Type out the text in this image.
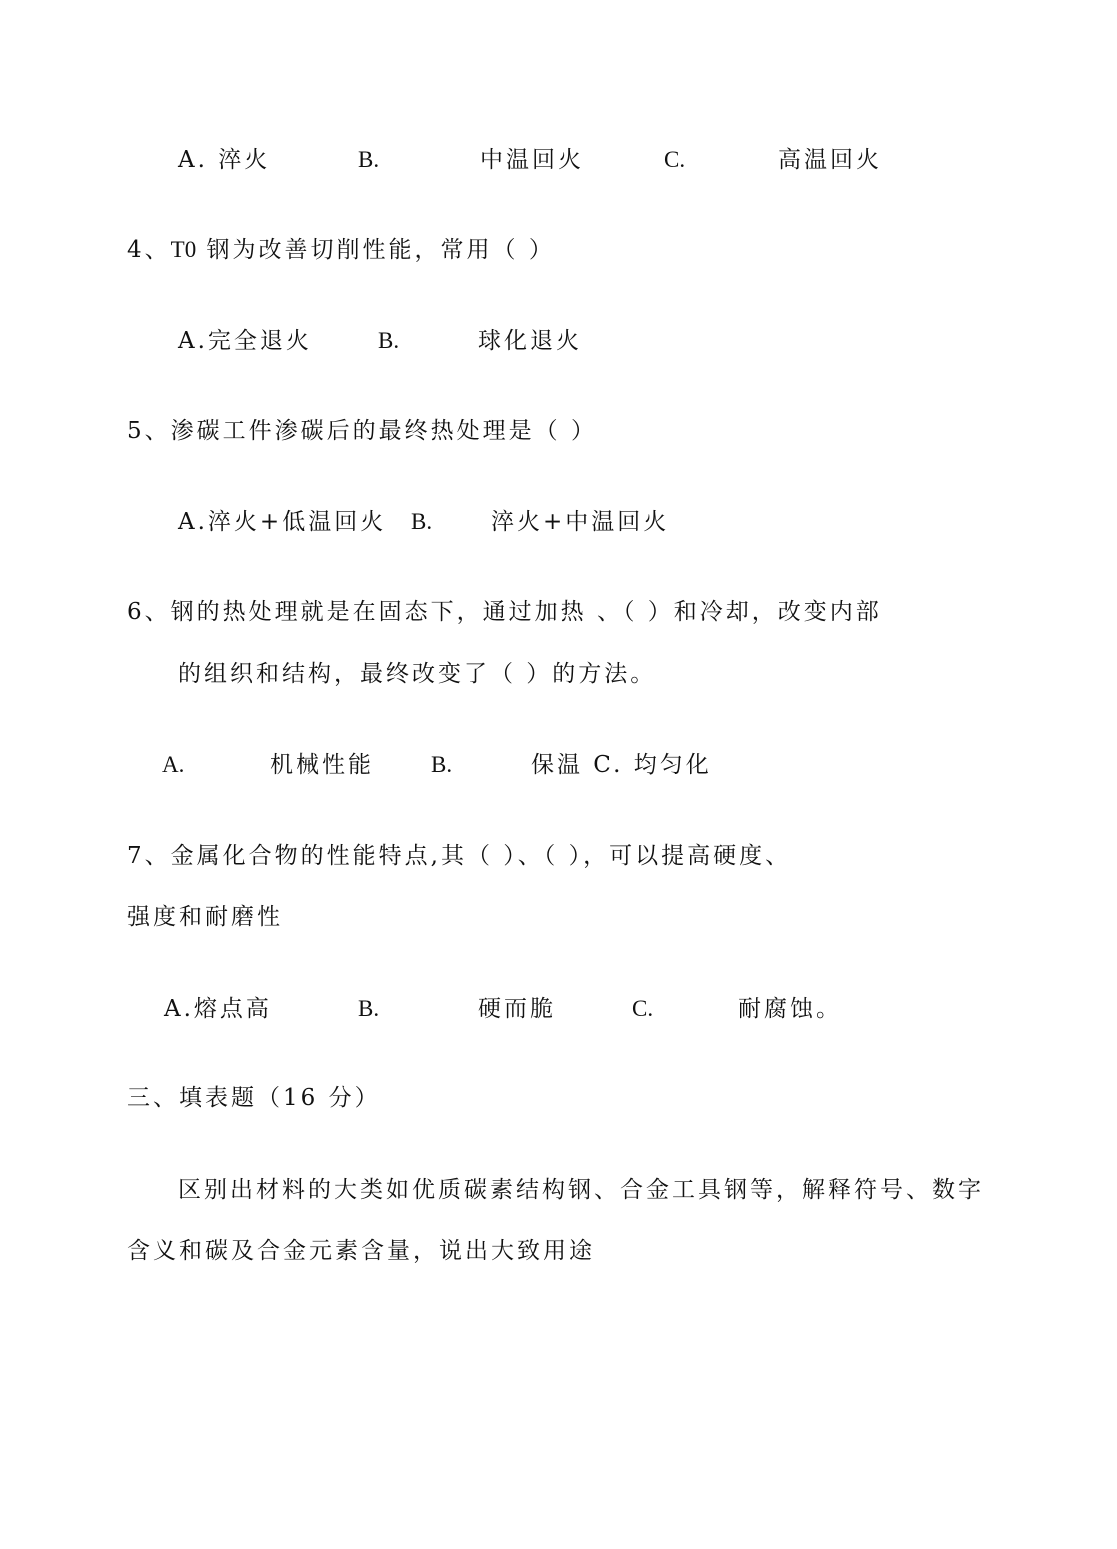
A. 淬火	B.	中温回火	C.	高温回火
4、T0 钢为改善切削性能，常用（ ）
A.完全退火	B.	球化退火
5、渗碳工件渗碳后的最终热处理是（ ）
A.淬火+低温回火 B.	淬火+中温回火
6、钢的热处理就是在固态下，通过加热 、（ ）和冷却，改变内部
的组织和结构，最终改变了（ ）的方法。
A.	机械性能 B.	保温 C. 均匀化
7、金属化合物的性能特点,其（ ）、（ ），可以提高硬度、
强度和耐磨性
A.熔点高	B.	硬而脆	C.	耐腐蚀。
三、填表题（16 分）
区别出材料的大类如优质碳素结构钢、合金工具钢等，解释符号、数字
含义和碳及合金元素含量，说出大致用途
